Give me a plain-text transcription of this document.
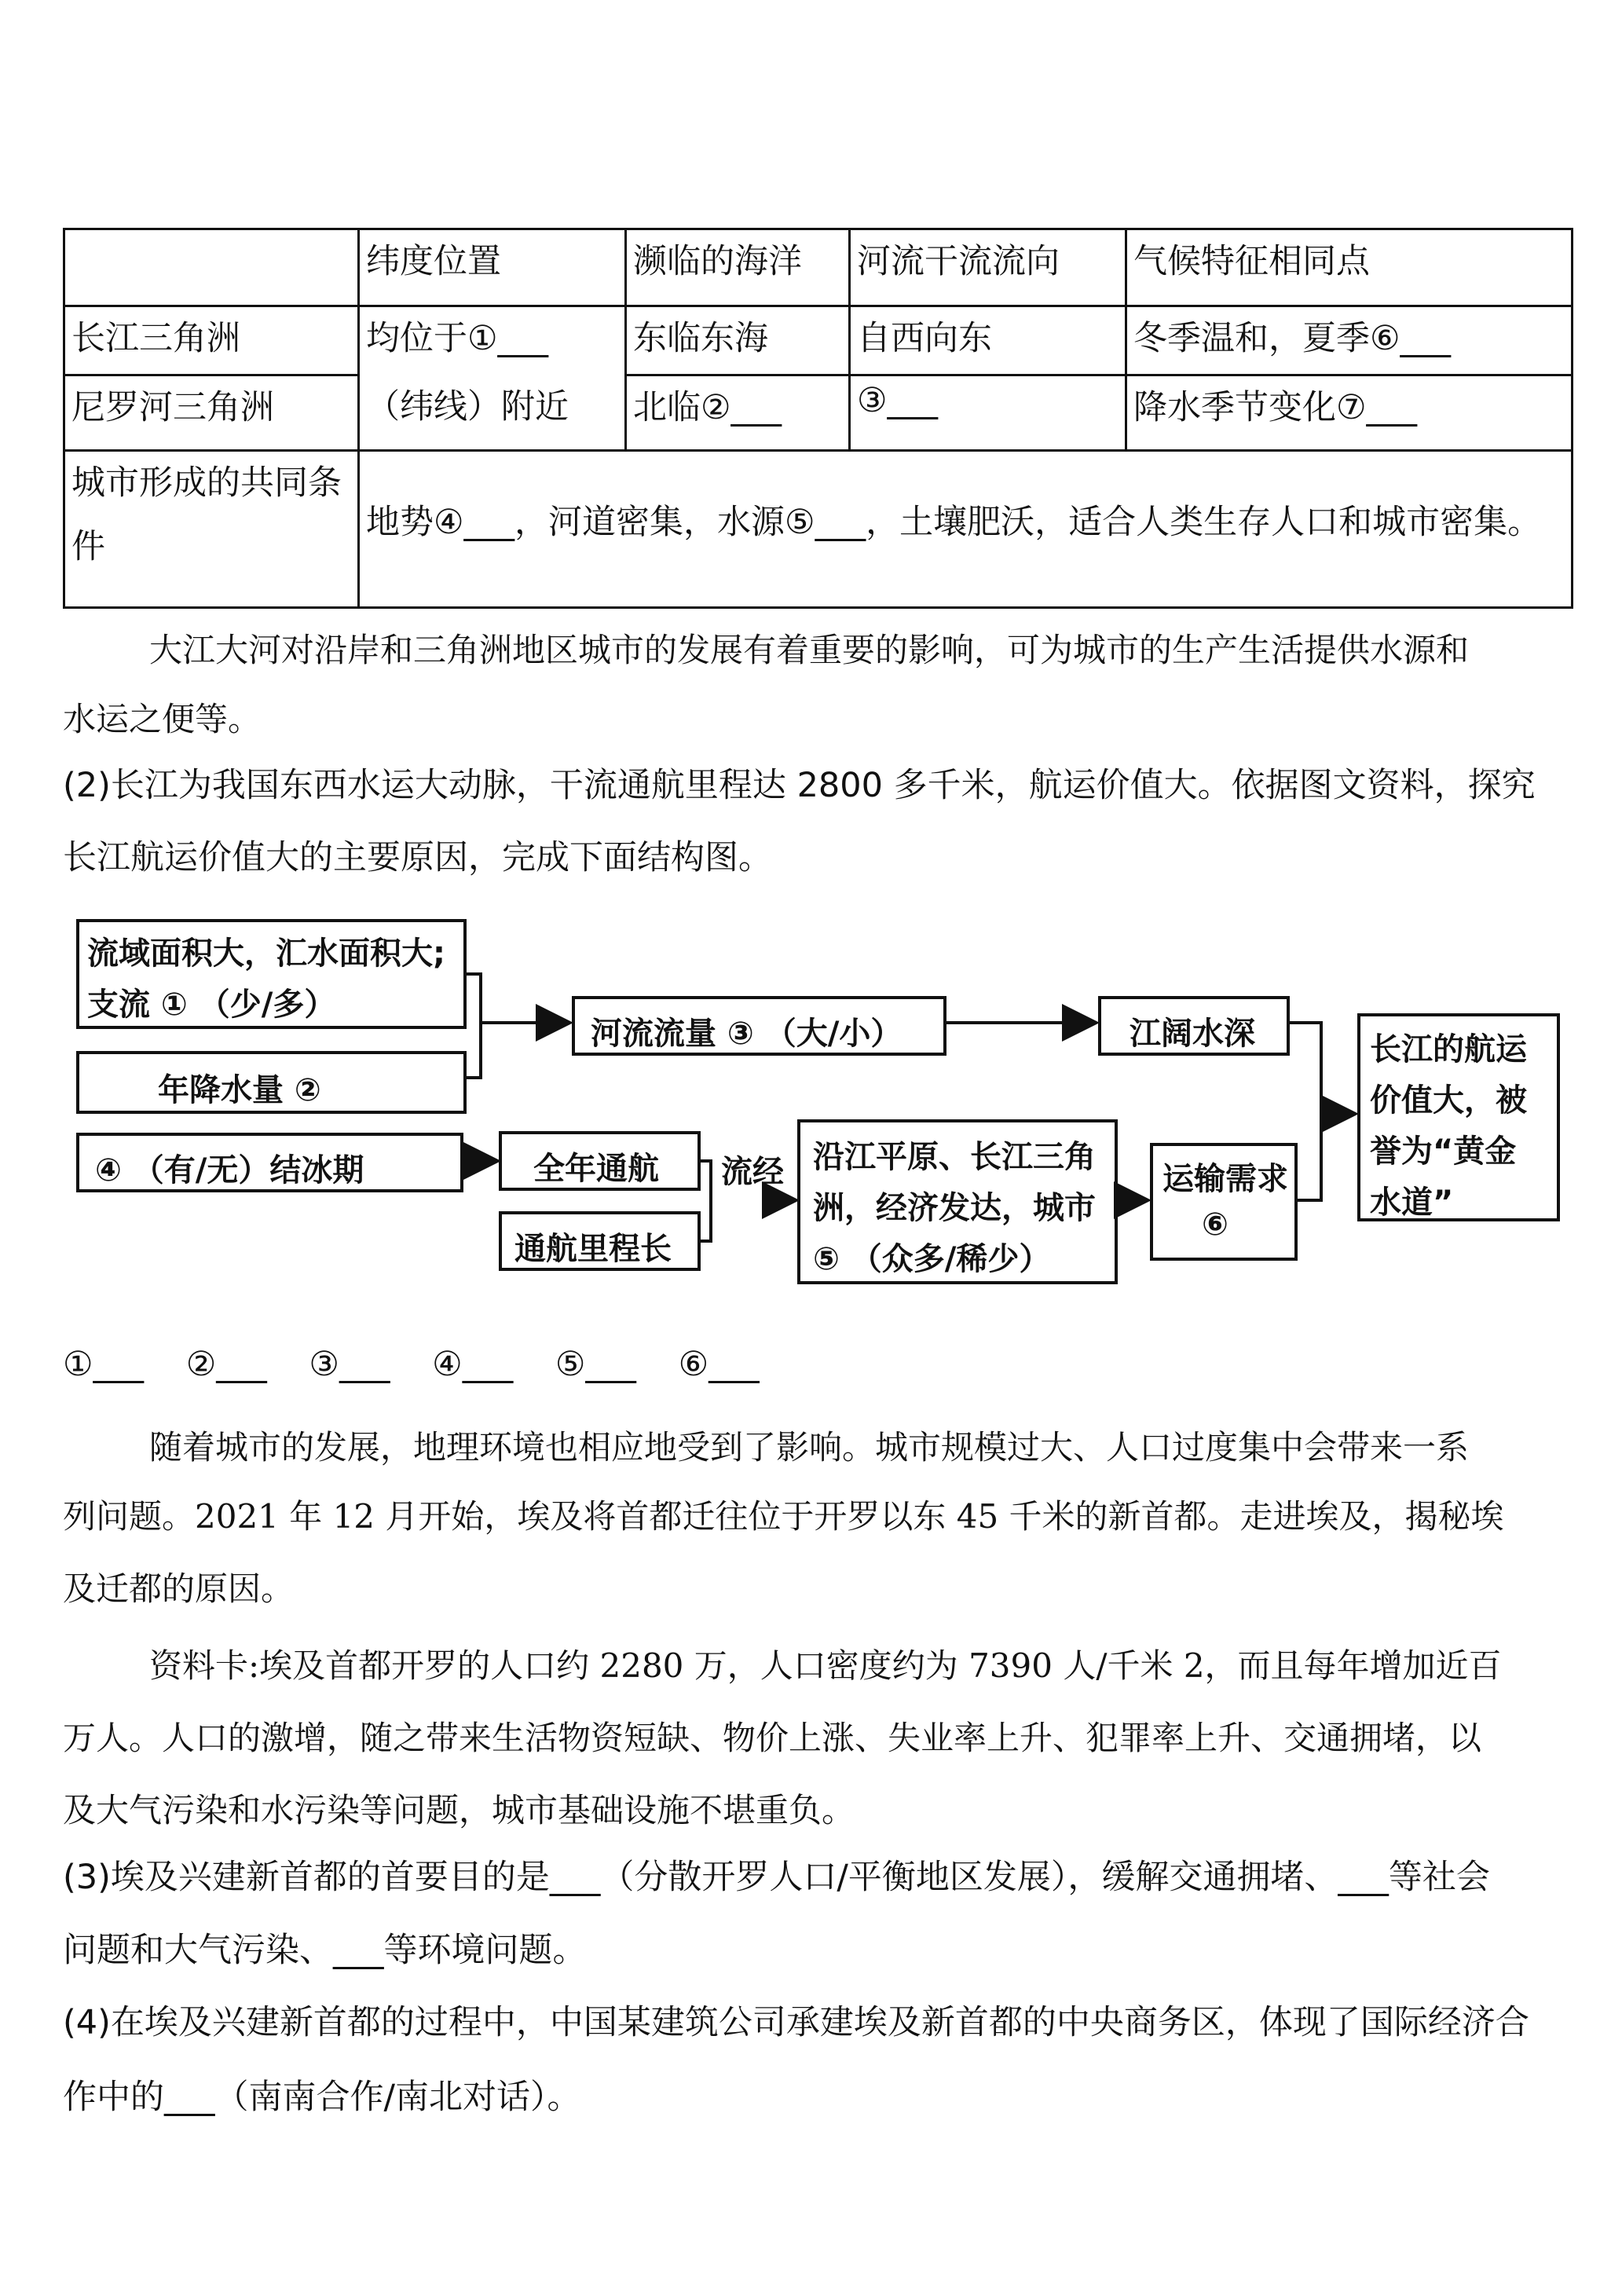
	纬度位置	濒临的海洋	河流干流流向	气候特征相同点
长江三角洲	均位于①___	东临东海	自西向东	冬季温和，夏季⑥___
尼罗河三角洲	（纬线）附近	北临②___	③___	降水季节变化⑦___

城市形成的共同条
件	地势④___，河道密集，水源⑤___，土壤肥沃，适合人类生存人口和城市密集。			
大江大河对沿岸和三角洲地区城市的发展有着重要的影响，可为城市的生产生活提供水源和
水运之便等。
(2)长江为我国东西水运大动脉，干流通航里程达 2800 多千米，航运价值大。依据图文资料，探究
长江航运价值大的主要原因，完成下面结构图。
流域面积大，汇水面积大;
支流 ① （少/多）
年降水量 ②
④ （有/无）结冰期
河流流量 ③ （大/小）
全年通航
通航里程长
流经 沿江平原、长江三角
洲，经济发达，城市
⑤ （众多/稀少）
江阔水深
运输需求
⑥
长江的航运
价值大，被
誉为“黄金
水道”
①___ ②___ ③___ ④___ ⑤___ ⑥___
随着城市的发展，地理环境也相应地受到了影响。城市规模过大、人口过度集中会带来一系
列问题。2021 年 12 月开始，埃及将首都迁往位于开罗以东 45 千米的新首都。走进埃及，揭秘埃
及迁都的原因。
资料卡:埃及首都开罗的人口约 2280 万，人口密度约为 7390 人/千米 2，而且每年增加近百
万人。人口的激增，随之带来生活物资短缺、物价上涨、失业率上升、犯罪率上升、交通拥堵，以
及大气污染和水污染等问题，城市基础设施不堪重负。
(3)埃及兴建新首都的首要目的是___（分散开罗人口/平衡地区发展），缓解交通拥堵、___等社会
问题和大气污染、___等环境问题。
(4)在埃及兴建新首都的过程中，中国某建筑公司承建埃及新首都的中央商务区，体现了国际经济合
作中的___（南南合作/南北对话）。
